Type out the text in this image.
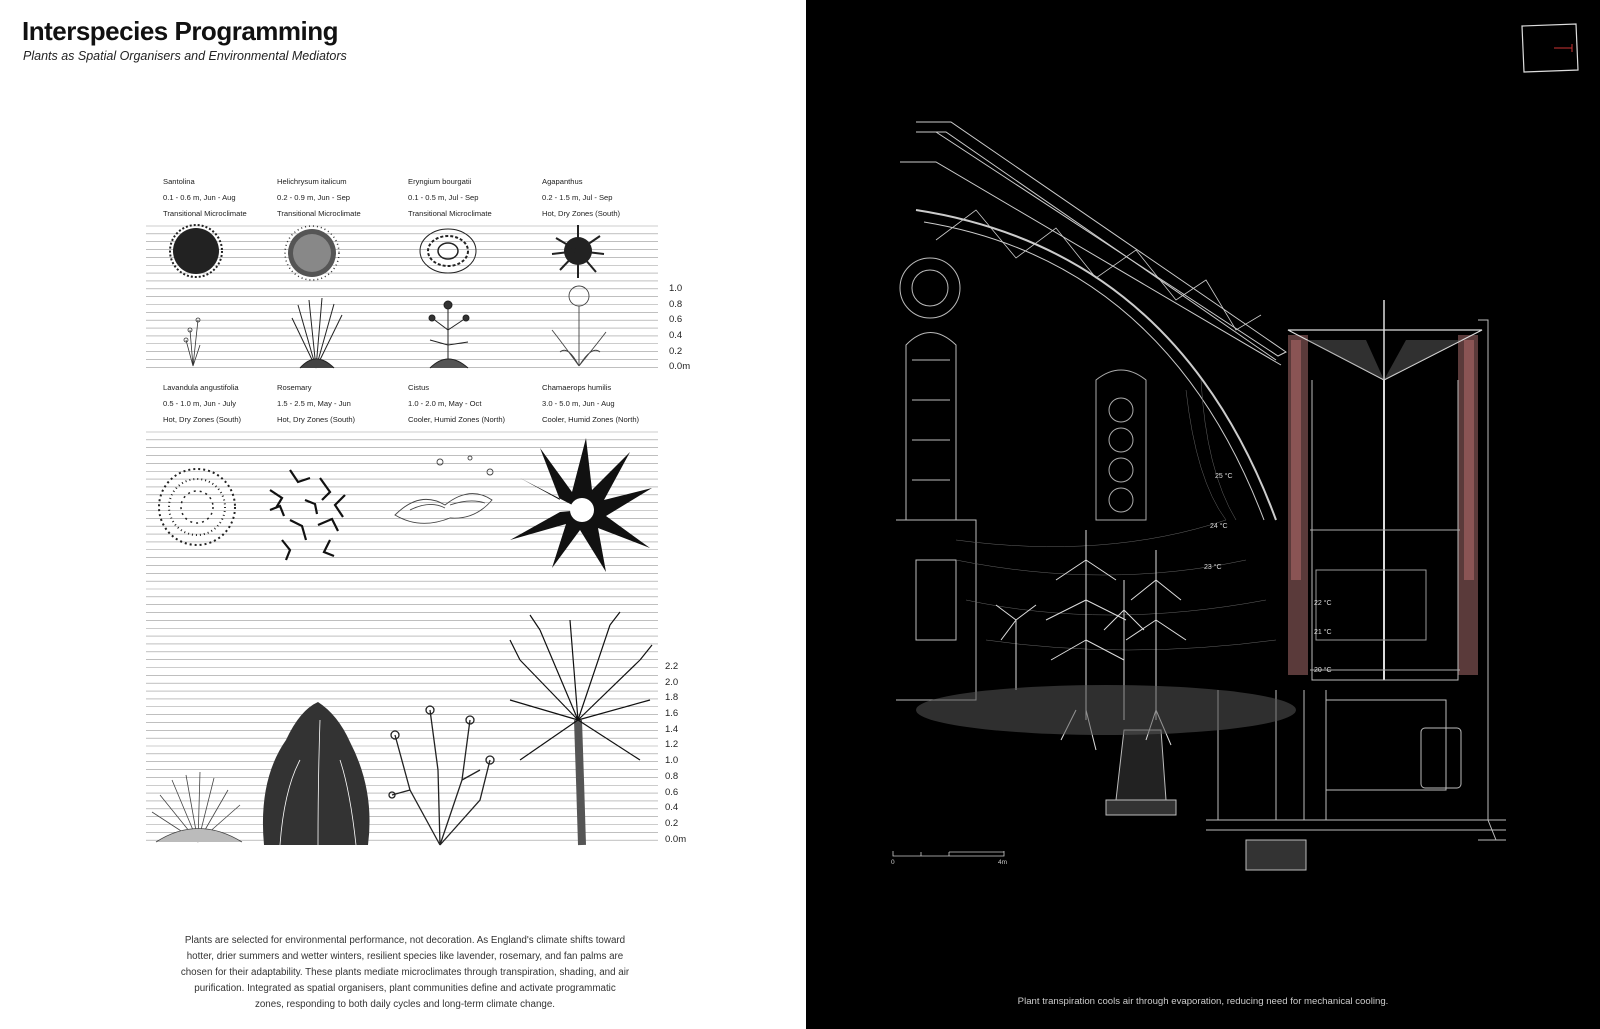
Interspecies Programming
Plants as Spatial Organisers and Environmental Mediators
Santolina
0.1 - 0.6 m, Jun - Aug
Transitional Microclimate
Helichrysum italicum
0.2 - 0.9 m, Jun - Sep
Transitional Microclimate
Eryngium bourgatii
0.1 - 0.5 m, Jul - Sep
Transitional Microclimate
Agapanthus
0.2 - 1.5 m, Jul - Sep
Hot, Dry Zones (South)
Lavandula angustifolia
0.5 - 1.0 m, Jun - July
Hot, Dry Zones (South)
Rosemary
1.5 - 2.5 m, May - Jun
Hot, Dry Zones (South)
Cistus
1.0 - 2.0 m, May - Oct
Cooler, Humid Zones (North)
Chamaerops humilis
3.0 - 5.0 m, Jun - Aug
Cooler, Humid Zones (North)
1.0
0.8
0.6
0.4
0.2
0.0m
2.2
2.0
1.8
1.6
1.4
1.2
1.0
0.8
0.6
0.4
0.2
0.0m
Plants are selected for environmental performance, not decoration. As England's climate shifts toward hotter, drier summers and wetter winters, resilient species like lavender, rosemary, and fan palms are chosen for their adaptability. These plants mediate microclimates through transpiration, shading, and air purification. Integrated as spatial organisers, plant communities define and activate programmatic zones, responding to both daily cycles and long-term climate change.
25 °C
24 °C
23 °C
22 °C
21 °C
20 °C
0	4m
Plant transpiration cools air through evaporation, reducing need for mechanical cooling.
